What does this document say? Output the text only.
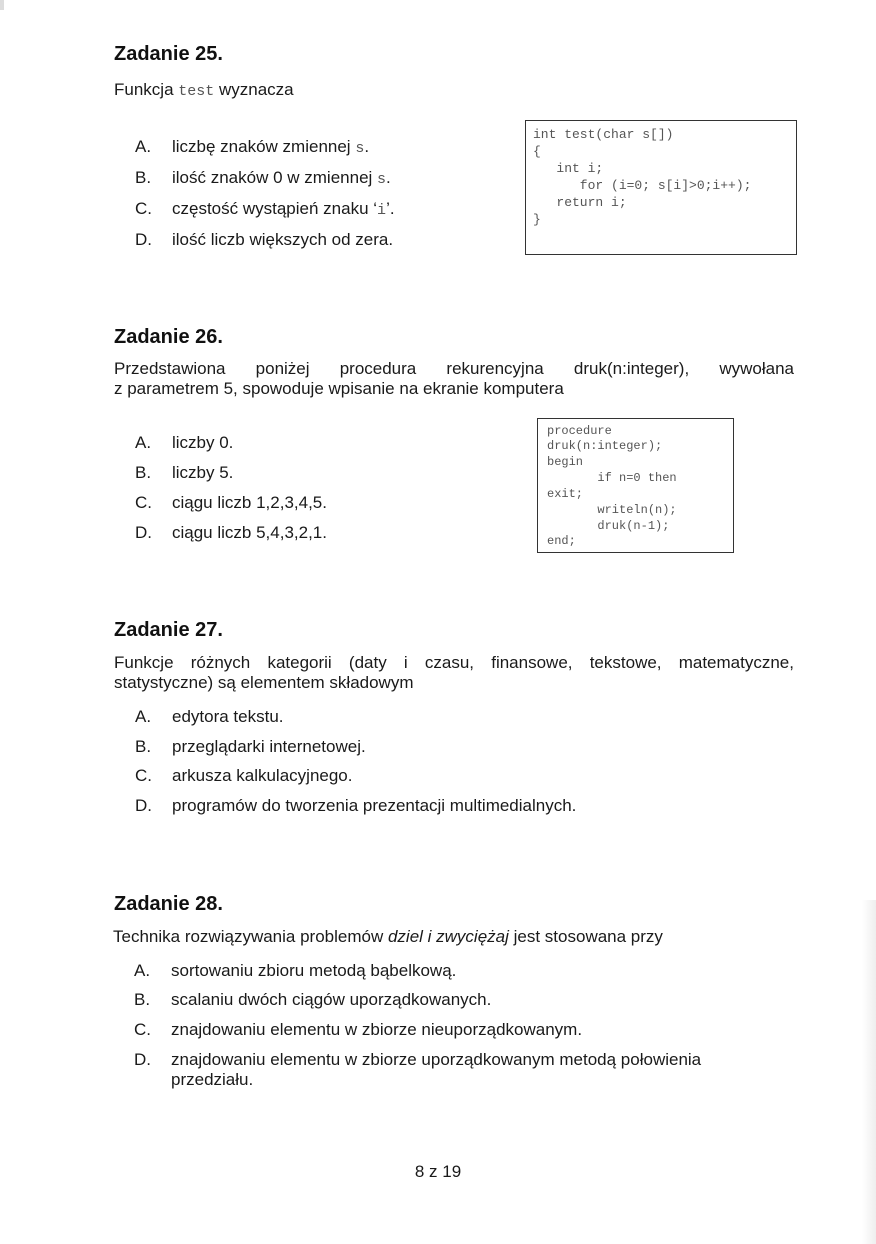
Zadanie 25.

Funkcja test wyznacza

A. liczbę znaków zmiennej s.
B. ilość znaków 0 w zmiennej s.
C. częstość wystąpień znaku ‘i’.
D. ilość liczb większych od zera.
int test(char s[])
{
int i;
for (i=0; s[i]>0;i++);
return i;
}
Zadanie 26.

Przedstawiona poniżej procedura rekurencyjna druk(n:integer), wywołana

z parametrem 5, spowoduje wpisanie na ekranie komputera

A. liczby 0.
B. liczby 5.
C. ciągu liczb 1,2,3,4,5.
D. ciągu liczb 5,4,3,2,1.
procedure
druk(n:integer);
begin
if n=0 then
exit;
writeln(n);
druk(n-1);
end;
Zadanie 27.

Funkcje różnych kategorii (daty i czasu, finansowe, tekstowe, matematyczne,

statystyczne) są elementem składowym

A. edytora tekstu.
B. przeglądarki internetowej.
C. arkusza kalkulacyjnego.
D. programów do tworzenia prezentacji multimedialnych.
Zadanie 28.

Technika rozwiązywania problemów dziel i zwyciężaj jest stosowana przy

A. sortowaniu zbioru metodą bąbelkową.
B. scalaniu dwóch ciągów uporządkowanych.
C. znajdowaniu elementu w zbiorze nieuporządkowanym.
D. znajdowaniu elementu w zbiorze uporządkowanym metodą połowienia
przedziału.
8 z 19
